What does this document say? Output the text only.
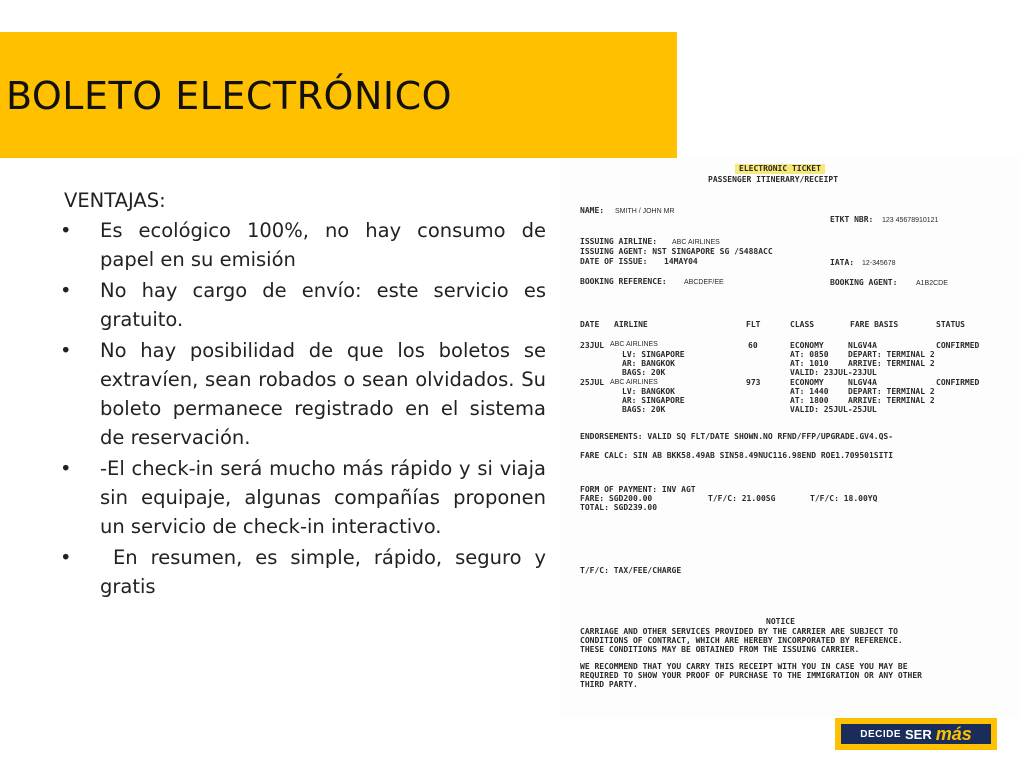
BOLETO ELECTRÓNICO

VENTAJAS:

• Es ecológico 100%, no hay consumo de papel en su emisión
• No hay cargo de envío: este servicio es gratuito.
• No hay posibilidad de que los boletos se extravíen, sean robados o sean olvidados. Su boleto permanece registrado en el sistema de reservación.
• -El check-in será mucho más rápido y si viaja sin equipaje, algunas compañías proponen un servicio de check-in interactivo.
• En resumen, es simple, rápido, seguro y gratis
ELECTRONIC TICKET
PASSENGER ITINERARY/RECEIPT
NAME: SMITH / JOHN MR
ETKT NBR: 123 45678910121
ISSUING AIRLINE: ABC AIRLINES
ISSUING AGENT: NST SINGAPORE SG /S488ACC
DATE OF ISSUE: 14MAY04	IATA: 12-345678
BOOKING REFERENCE: ABCDEF/EE	BOOKING AGENT:	A1B2CDE
DATE AIRLINE	FLT	CLASS	FARE BASIS	STATUS
23JUL ABC AIRLINES	60	ECONOMY	NLGV4A	CONFIRMED
LV: SINGAPORE	AT: 0850 DEPART: TERMINAL 2
AR: BANGKOK	AT: 1010 ARRIVE: TERMINAL 2
BAGS: 20K	VALID: 23JUL-23JUL
25JUL ABC AIRLINES	973	ECONOMY	NLGV4A	CONFIRMED
LV: BANGKOK	AT: 1440 DEPART: TERMINAL 2
AR: SINGAPORE	AT: 1800 ARRIVE: TERMINAL 2
BAGS: 20K	VALID: 25JUL-25JUL
ENDORSEMENTS: VALID SQ FLT/DATE SHOWN.NO RFND/FFP/UPGRADE.GV4.QS-
FARE CALC: SIN AB BKK58.49AB SIN58.49NUC116.98END ROE1.709501SITI
FORM OF PAYMENT: INV AGT
FARE: SGD200.00	T/F/C: 21.00SG	T/F/C: 18.00YQ
TOTAL: SGD239.00
T/F/C: TAX/FEE/CHARGE
NOTICE
CARRIAGE AND OTHER SERVICES PROVIDED BY THE CARRIER ARE SUBJECT TO
CONDITIONS OF CONTRACT, WHICH ARE HEREBY INCORPORATED BY REFERENCE.
THESE CONDITIONS MAY BE OBTAINED FROM THE ISSUING CARRIER.
WE RECOMMEND THAT YOU CARRY THIS RECEIPT WITH YOU IN CASE YOU MAY BE
REQUIRED TO SHOW YOUR PROOF OF PURCHASE TO THE IMMIGRATION OR ANY OTHER
THIRD PARTY.
DECIDE SER más
